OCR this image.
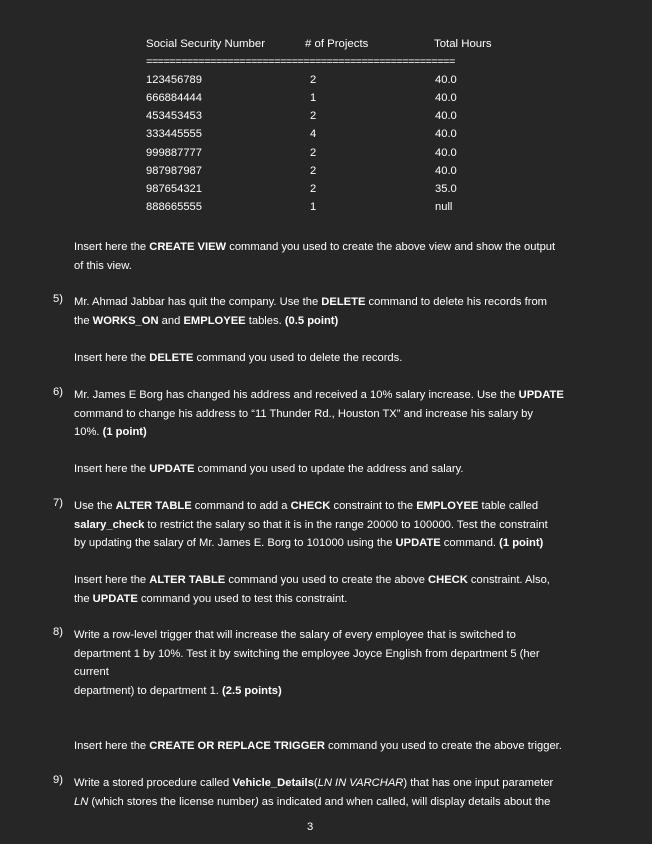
Social Security Number	# of Projects	Total Hours
=====================================================
123456789	2	40.0
666884444	1	40.0
453453453	2	40.0
333445555	4	40.0
999887777	2	40.0
987987987	2	40.0
987654321	2	35.0
888665555	1	null
Insert here the CREATE VIEW command you used to create the above view and show the output
of this view.
5) Mr. Ahmad Jabbar has quit the company. Use the DELETE command to delete his records from
the WORKS_ON and EMPLOYEE tables. (0.5 point)
Insert here the DELETE command you used to delete the records.
6) Mr. James E Borg has changed his address and received a 10% salary increase. Use the UPDATE
command to change his address to “11 Thunder Rd., Houston TX” and increase his salary by
10%. (1 point)
Insert here the UPDATE command you used to update the address and salary.
7) Use the ALTER TABLE command to add a CHECK constraint to the EMPLOYEE table called
salary_check to restrict the salary so that it is in the range 20000 to 100000. Test the constraint
by updating the salary of Mr. James E. Borg to 101000 using the UPDATE command. (1 point)
Insert here the ALTER TABLE command you used to create the above CHECK constraint. Also,
the UPDATE command you used to test this constraint.
8) Write a row-level trigger that will increase the salary of every employee that is switched to
department 1 by 10%. Test it by switching the employee Joyce English from department 5 (her
current
department) to department 1. (2.5 points)
Insert here the CREATE OR REPLACE TRIGGER command you used to create the above trigger.
9) Write a stored procedure called Vehicle_Details(LN IN VARCHAR) that has one input parameter
LN (which stores the license number) as indicated and when called, will display details about the
3
